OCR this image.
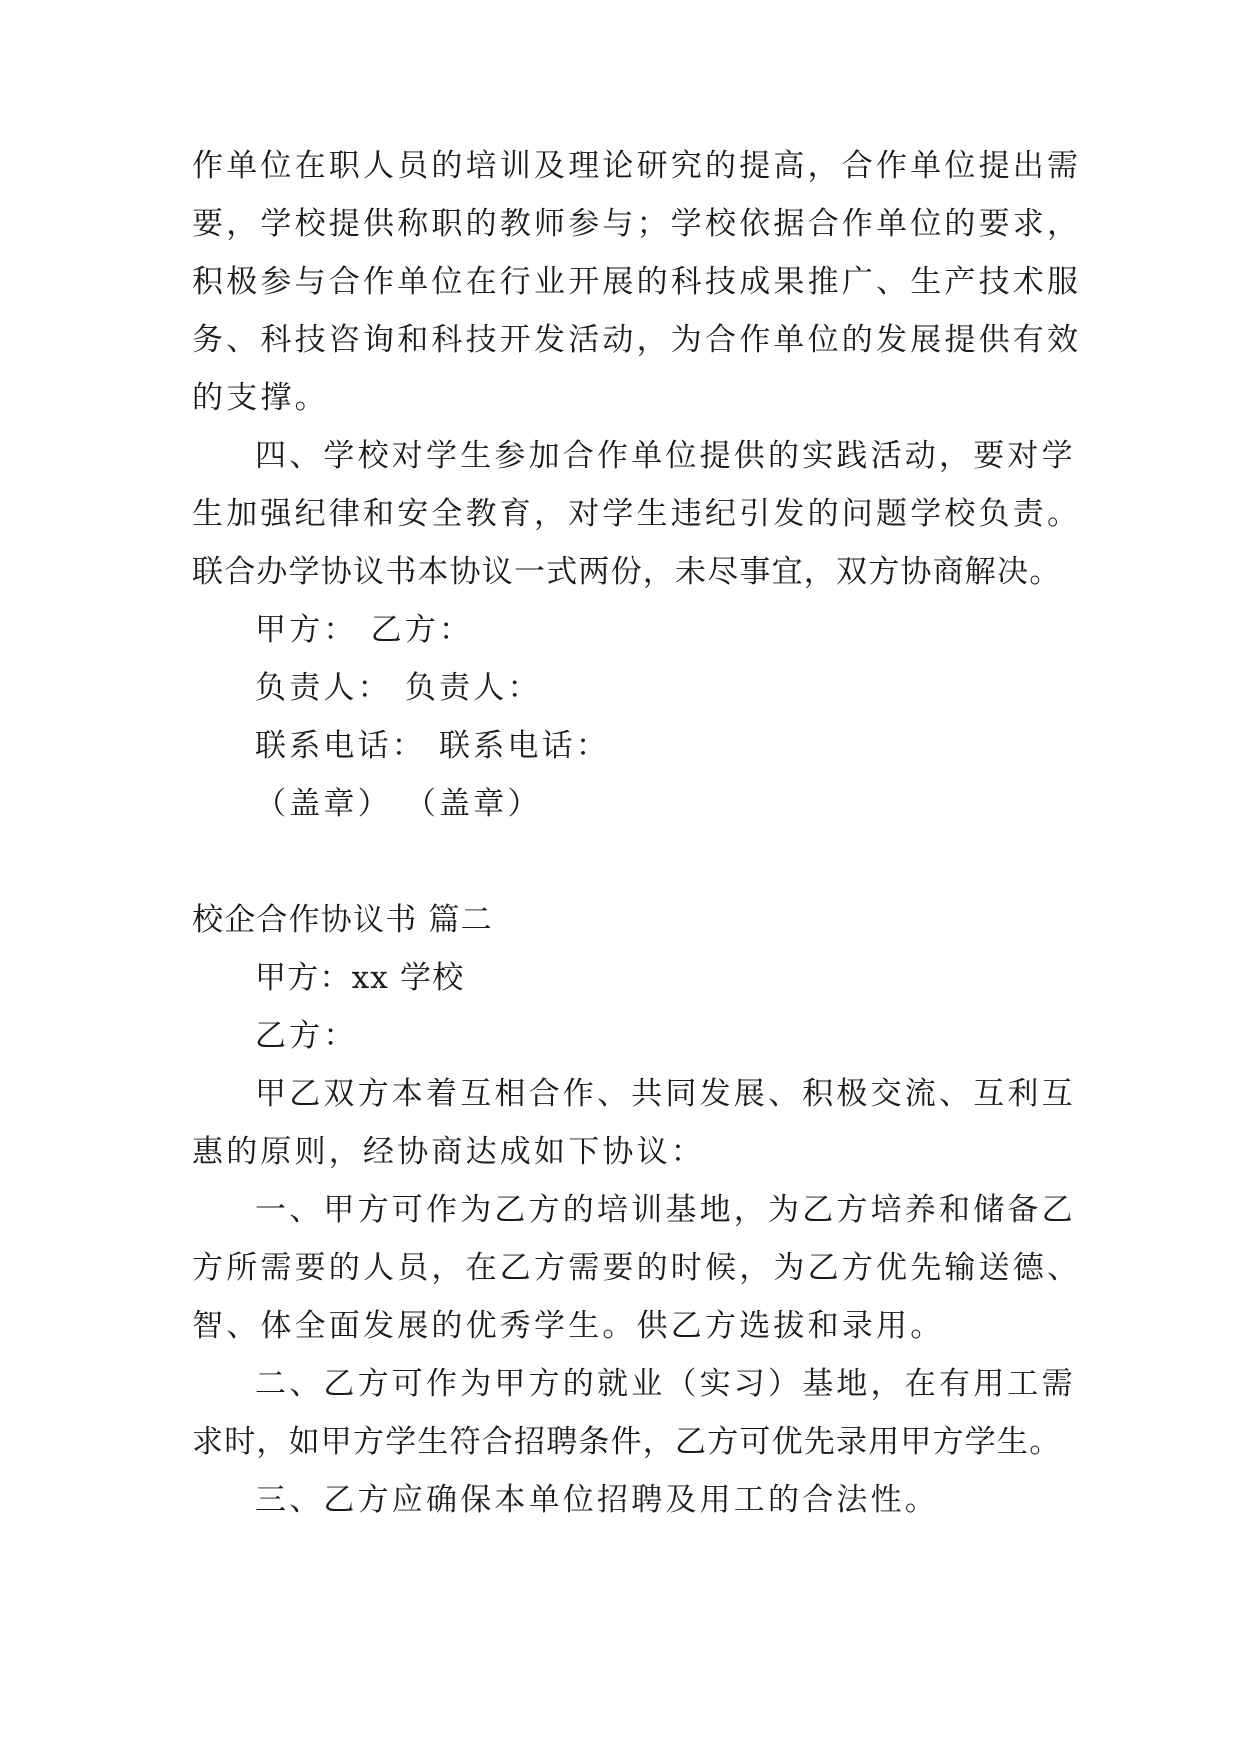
作单位在职人员的培训及理论研究的提高，合作单位提出需
要，学校提供称职的教师参与；学校依据合作单位的要求，
积极参与合作单位在行业开展的科技成果推广、生产技术服
务、科技咨询和科技开发活动，为合作单位的发展提供有效
的支撑。
四、学校对学生参加合作单位提供的实践活动，要对学
生加强纪律和安全教育，对学生违纪引发的问题学校负责。
联合办学协议书本协议一式两份，未尽事宜，双方协商解决。
甲方： 乙方：
负责人： 负责人：
联系电话： 联系电话：
（盖章） （盖章）
校企合作协议书 篇二
甲方：xx 学校
乙方：
甲乙双方本着互相合作、共同发展、积极交流、互利互
惠的原则，经协商达成如下协议：
一、甲方可作为乙方的培训基地，为乙方培养和储备乙
方所需要的人员，在乙方需要的时候，为乙方优先输送德、
智、体全面发展的优秀学生。供乙方选拔和录用。
二、乙方可作为甲方的就业（实习）基地，在有用工需
求时，如甲方学生符合招聘条件，乙方可优先录用甲方学生。
三、乙方应确保本单位招聘及用工的合法性。
